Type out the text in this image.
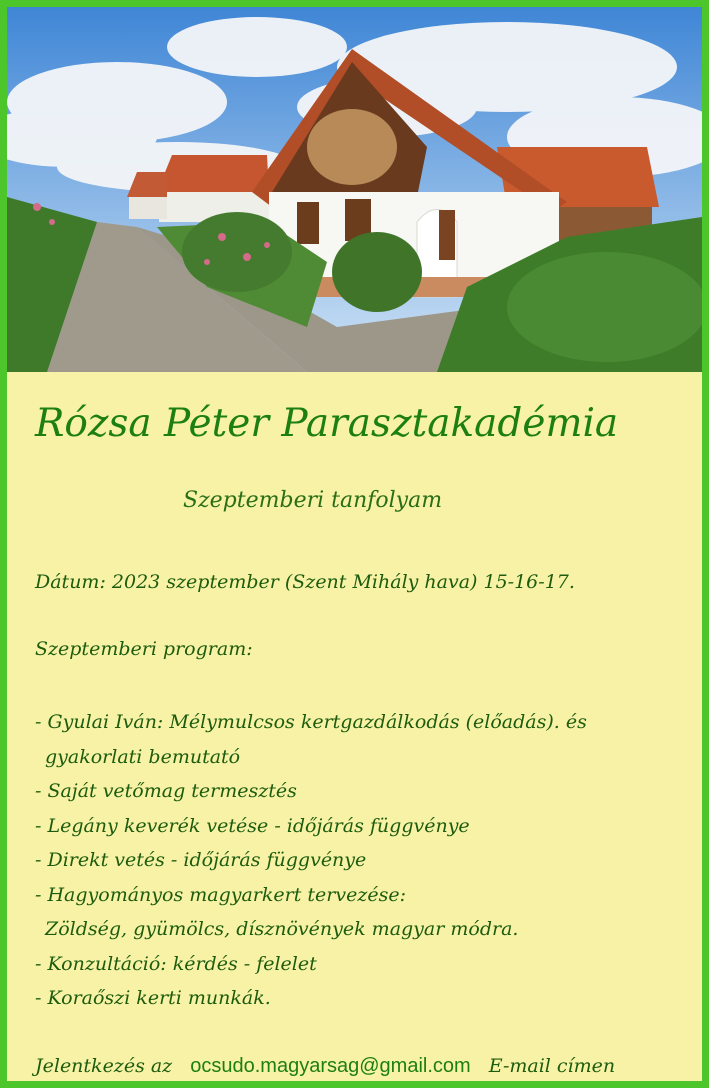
Rózsa Péter Parasztakadémia
Szeptemberi tanfolyam
Dátum: 2023 szeptember (Szent Mihály hava) 15-16-17.
Szeptemberi program:
- Gyulai Iván: Mélymulcsos kertgazdálkodás (előadás). és
gyakorlati bemutató
- Saját vetőmag termesztés
- Legány keverék vetése - időjárás függvénye
- Direkt vetés - időjárás függvénye
- Hagyományos magyarkert tervezése:
Zöldség, gyümölcs, dísznövények magyar módra.
- Konzultáció: kérdés - felelet
- Koraőszi kerti munkák.
Jelentkezés az ocsudo.magyarsag@gmail.com E-mail címen
